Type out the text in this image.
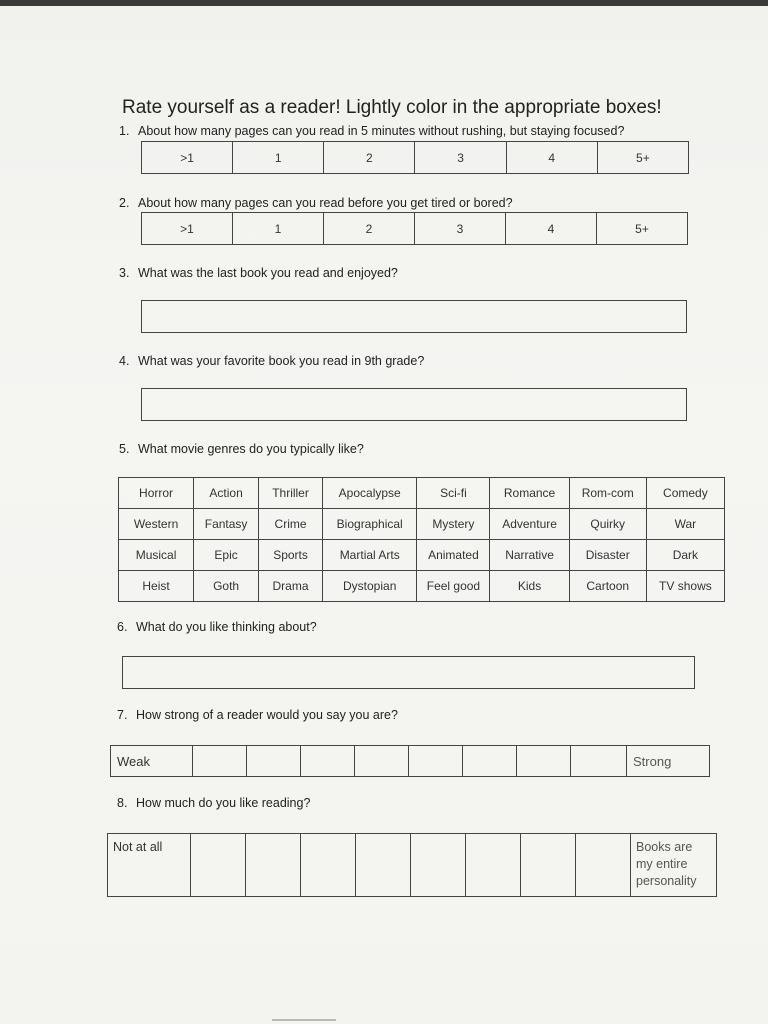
Rate yourself as a reader! Lightly color in the appropriate boxes!
1. About how many pages can you read in 5 minutes without rushing, but staying focused?
>1	1	2	3	4	5+
2. About how many pages can you read before you get tired or bored?
>1	1	2	3	4	5+
3. What was the last book you read and enjoyed?
4. What was your favorite book you read in 9th grade?
5. What movie genres do you typically like?
Horror	Action	Thriller	Apocalypse	Sci-fi	Romance	Rom-com	Comedy
Western	Fantasy	Crime	Biographical	Mystery	Adventure	Quirky	War
Musical	Epic	Sports	Martial Arts	Animated	Narrative	Disaster	Dark
Heist	Goth	Drama	Dystopian	Feel good	Kids	Cartoon	TV shows
6. What do you like thinking about?
7. How strong of a reader would you say you are?
Weak									Strong
8. How much do you like reading?
Not at all									Books are my entire personality
